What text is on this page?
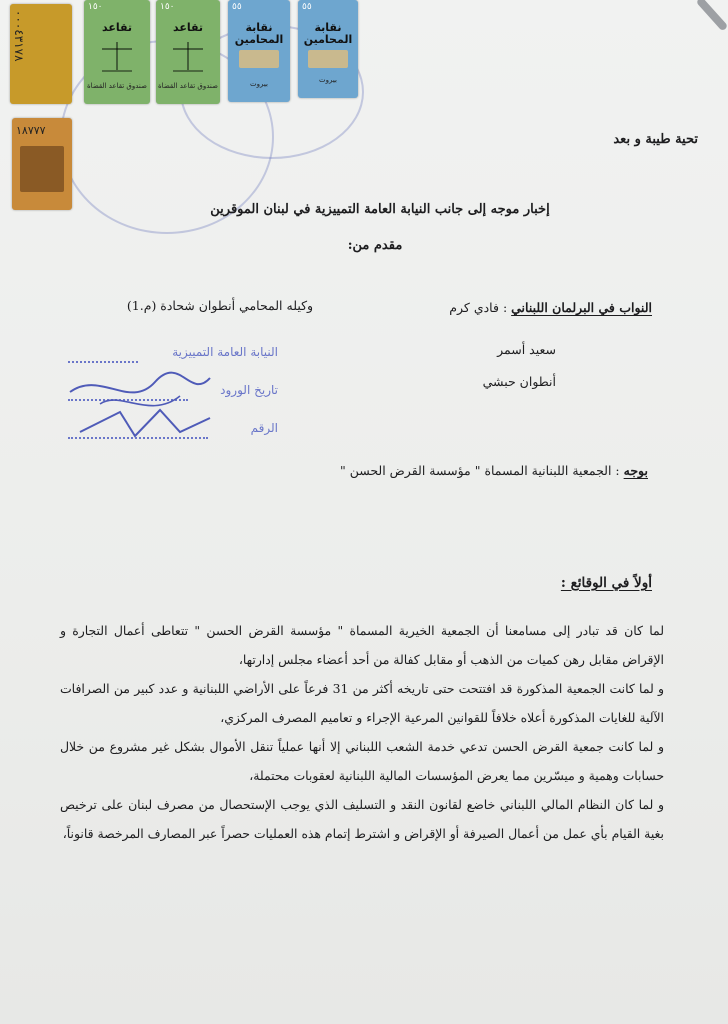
٠٠٠٤٣١٧٨
١٥٠
تقاعد
صندوق تقاعد القضاة
١٥٠
تقاعد
صندوق تقاعد القضاة
٥٥
نقابة المحامين
بيروت
٥٥
نقابة المحامين
بيروت
١٨٧٧٧
تحية طيبة و بعد
إخبار موجه إلى جانب النيابة العامة التمييزية في لبنان الموقرين
مقدم من:
النواب في البرلمان اللبناني : فادي كرم
سعيد أسمر
أنطوان حبشي
وكيله المحامي أنطوان شحادة (م.1)
النيابة العامة التمييزية
تاريخ الورود
الرقم
بوجه : الجمعية اللبنانية المسماة " مؤسسة القرض الحسن "
أولاً في الوقائع :

لما كان قد تبادر إلى مسامعنا أن الجمعية الخيرية المسماة " مؤسسة القرض الحسن " تتعاطى أعمال التجارة و الإقراض مقابل رهن كميات من الذهب أو مقابل كفالة من أحد أعضاء مجلس إدارتها،

و لما كانت الجمعية المذكورة قد افتتحت حتى تاريخه أكثر من 31 فرعاً على الأراضي اللبنانية و عدد كبير من الصرافات الآلية للغايات المذكورة أعلاه خلافاً للقوانين المرعية الإجراء و تعاميم المصرف المركزي،

و لما كانت جمعية القرض الحسن تدعي خدمة الشعب اللبناني إلا أنها عملياً تنقل الأموال بشكل غير مشروع من خلال حسابات وهمية و ميسّرين مما يعرض المؤسسات المالية اللبنانية لعقوبات محتملة،

و لما كان النظام المالي اللبناني خاضع لقانون النقد و التسليف الذي يوجب الإستحصال من مصرف لبنان على ترخيص بغية القيام بأي عمل من أعمال الصيرفة أو الإقراض و اشترط إتمام هذه العمليات حصراً عبر المصارف المرخصة قانوناً،
